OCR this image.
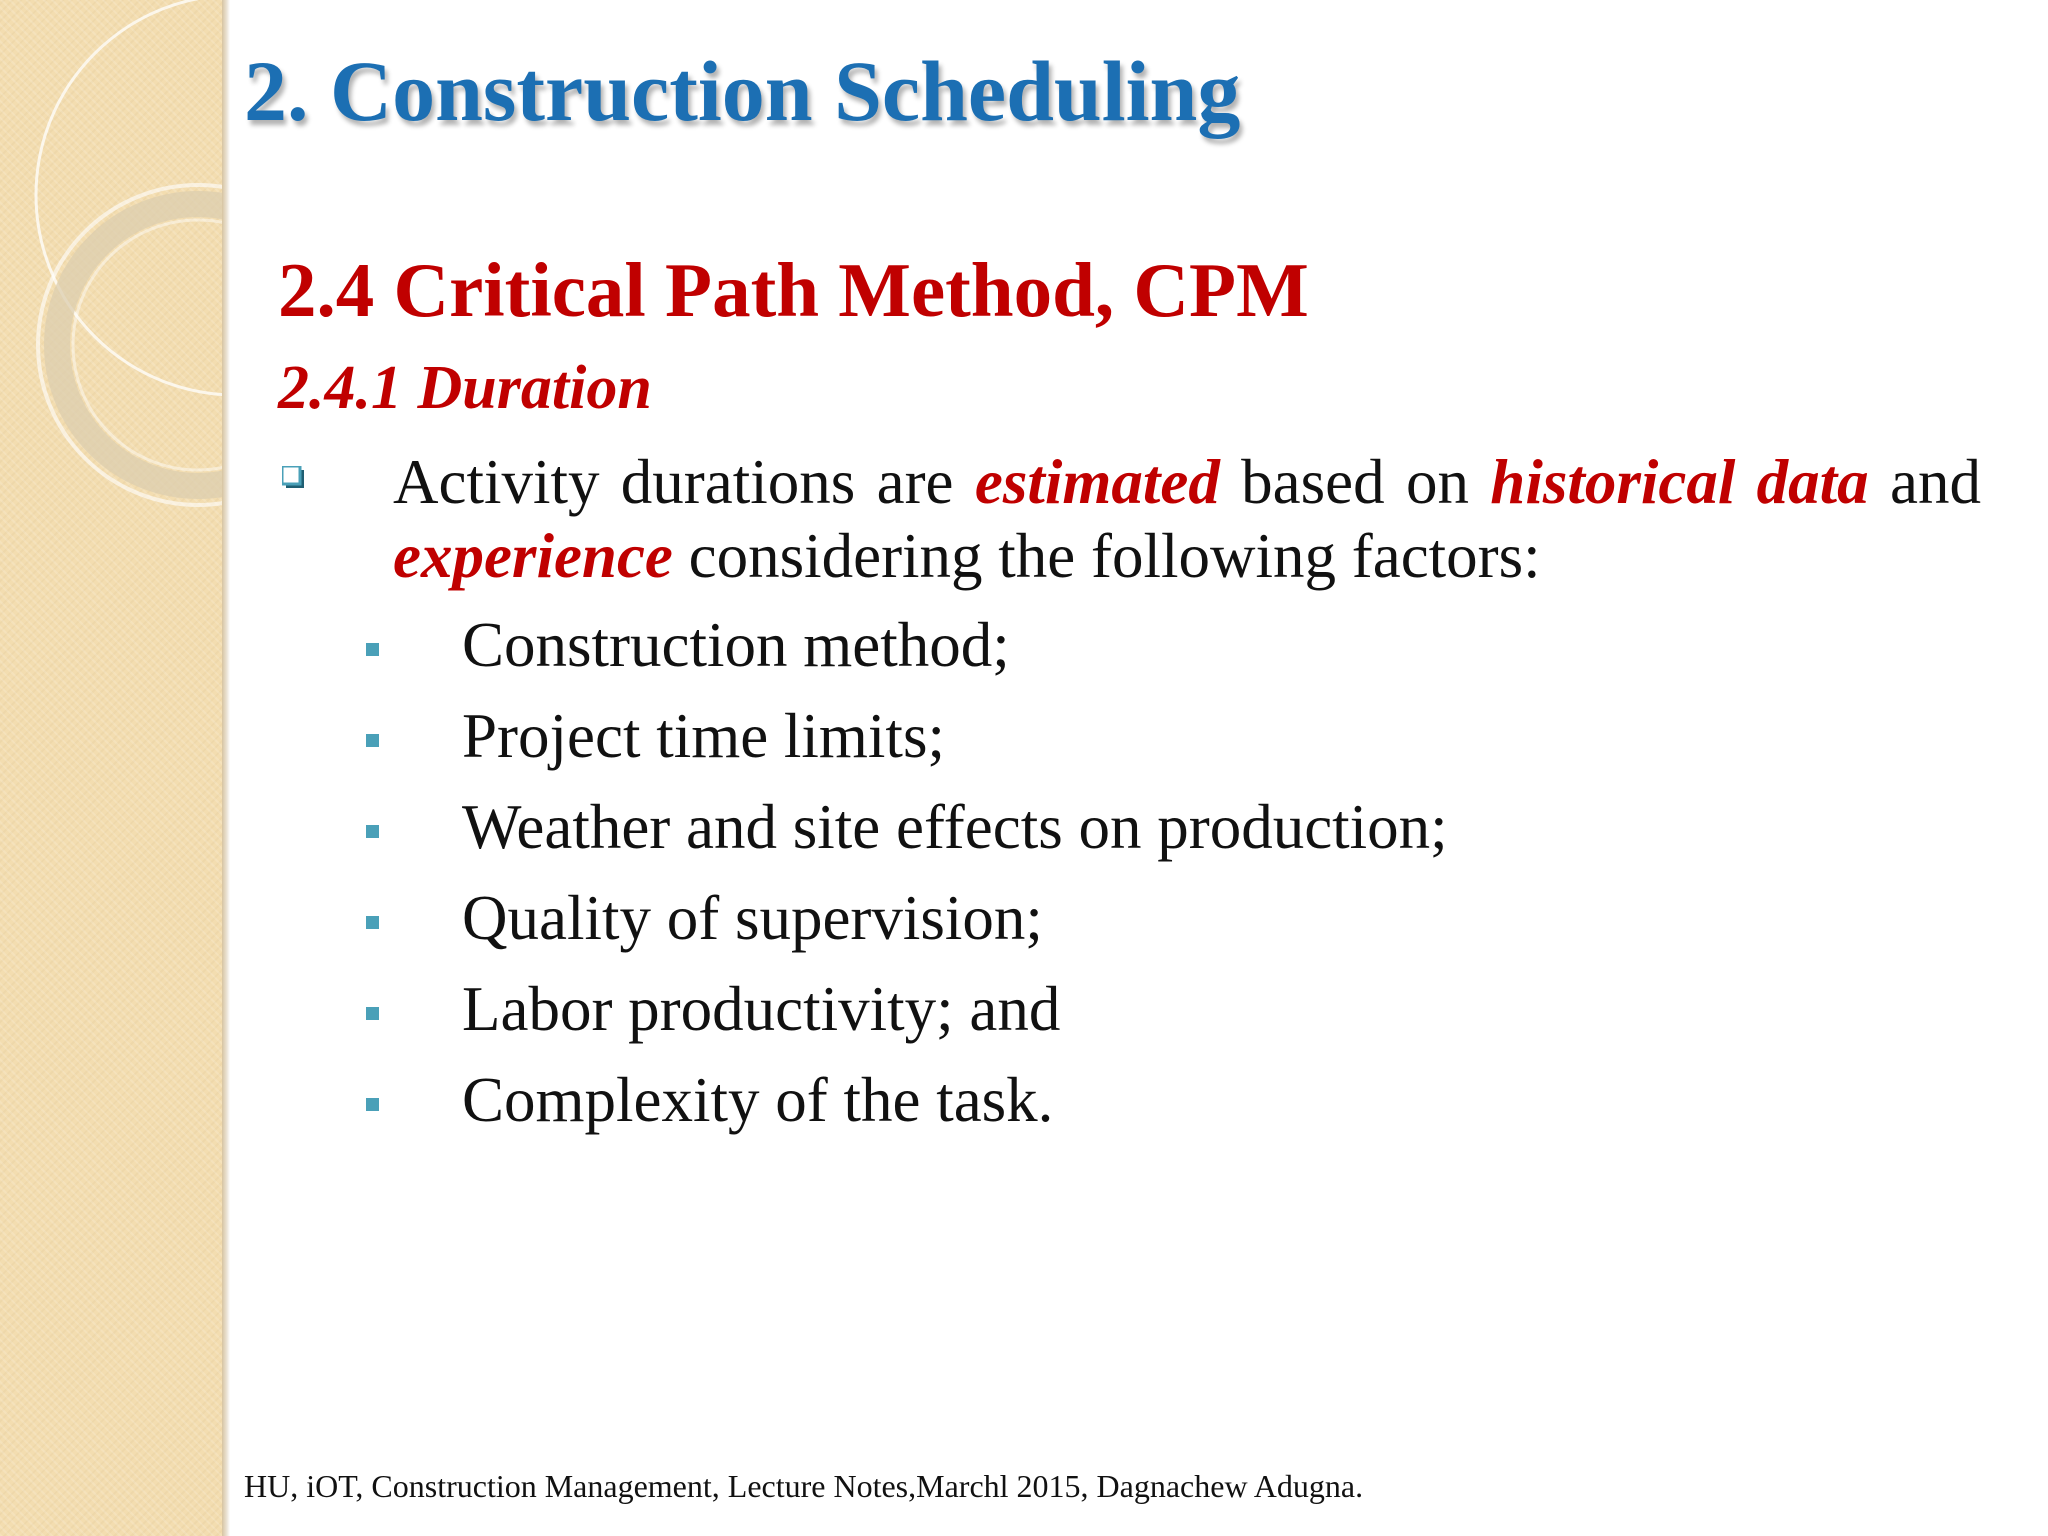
2. Construction Scheduling
2.4 Critical Path Method, CPM
2.4.1 Duration

Activity durations are estimated based on historical data and experience considering the following factors:

Construction method;
Project time limits;
Weather and site effects on production;
Quality of supervision;
Labor productivity; and
Complexity of the task.

HU, iOT, Construction Management, Lecture Notes,Marchl 2015, Dagnachew Adugna.
